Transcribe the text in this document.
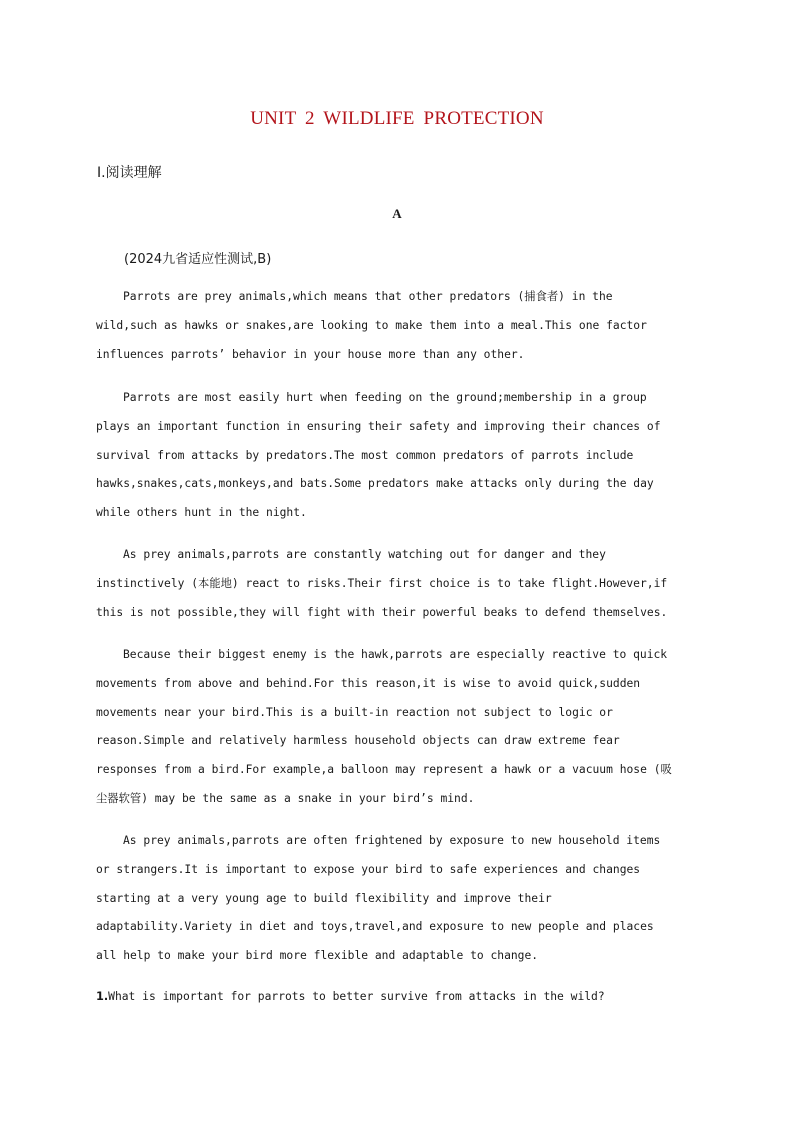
UNIT 2 WILDLIFE PROTECTION
Ⅰ.阅读理解
A
(2024九省适应性测试,B)
Parrots are prey animals,which means that other predators (捕食者) in the
wild,such as hawks or snakes,are looking to make them into a meal.This one factor
influences parrots’ behavior in your house more than any other.
Parrots are most easily hurt when feeding on the ground;membership in a group
plays an important function in ensuring their safety and improving their chances of
survival from attacks by predators.The most common predators of parrots include
hawks,snakes,cats,monkeys,and bats.Some predators make attacks only during the day
while others hunt in the night.
As prey animals,parrots are constantly watching out for danger and they
instinctively (本能地) react to risks.Their first choice is to take flight.However,if
this is not possible,they will fight with their powerful beaks to defend themselves.
Because their biggest enemy is the hawk,parrots are especially reactive to quick
movements from above and behind.For this reason,it is wise to avoid quick,sudden
movements near your bird.This is a built-in reaction not subject to logic or
reason.Simple and relatively harmless household objects can draw extreme fear
responses from a bird.For example,a balloon may represent a hawk or a vacuum hose (吸
尘器软管) may be the same as a snake in your bird’s mind.
As prey animals,parrots are often frightened by exposure to new household items
or strangers.It is important to expose your bird to safe experiences and changes
starting at a very young age to build flexibility and improve their
adaptability.Variety in diet and toys,travel,and exposure to new people and places
all help to make your bird more flexible and adaptable to change.
1.What is important for parrots to better survive from attacks in the wild?
